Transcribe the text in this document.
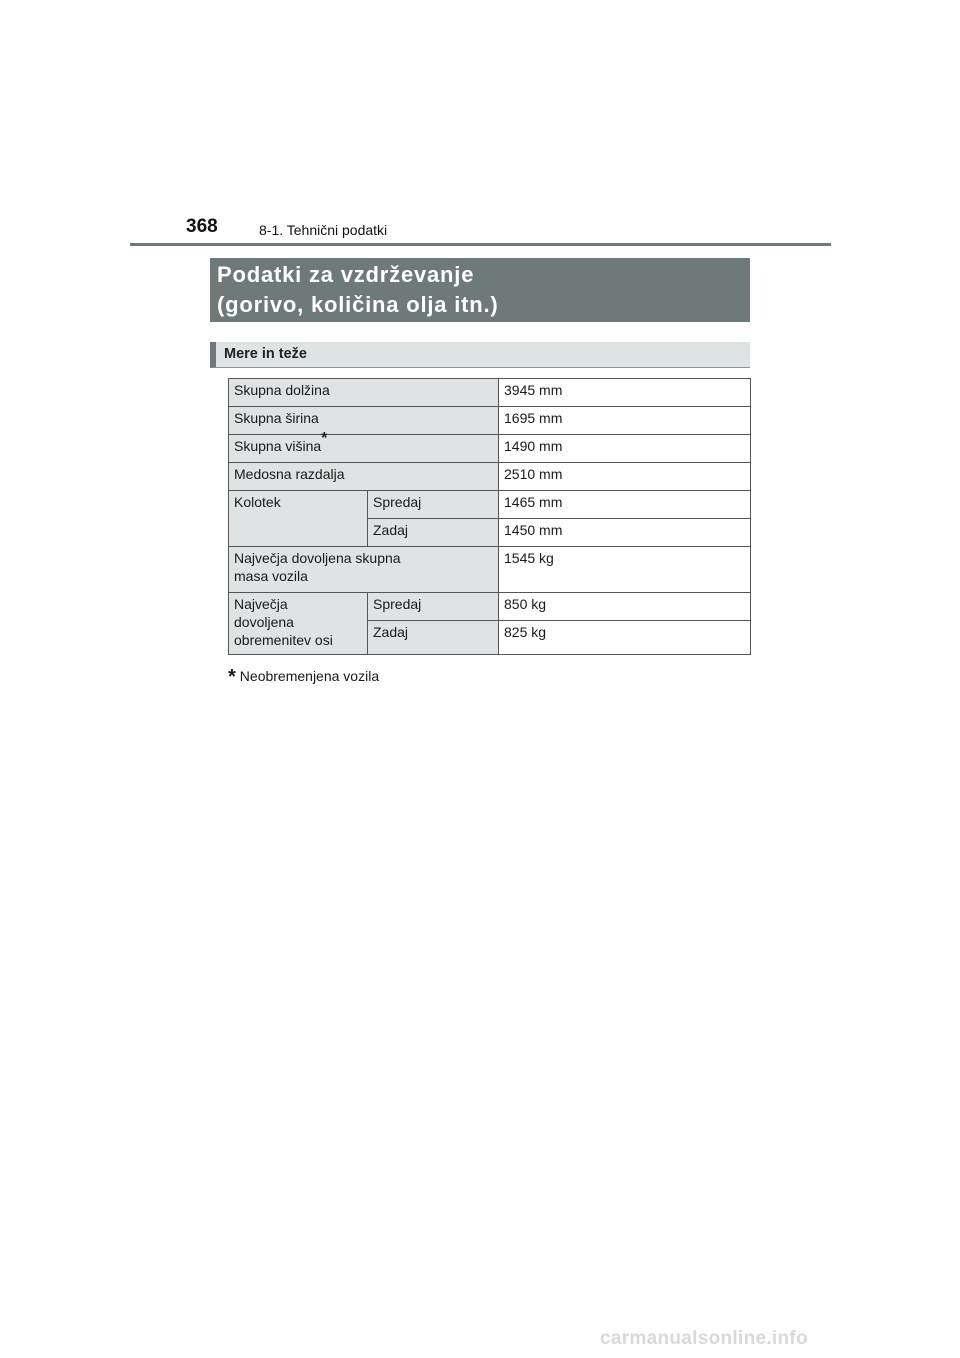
368	8-1. Tehnični podatki
Podatki za vzdrževanje
(gorivo, količina olja itn.)
Mere in teže
Skupna dolžina		3945 mm
Skupna širina		1695 mm
Skupna višina*		1490 mm
Medosna razdalja		2510 mm
Kolotek	Spredaj	1465 mm
	Zadaj	1450 mm

Največja dovoljena skupna
masa vozila		1545 kg

Največja
dovoljena
obremenitev osi	Spredaj	850 kg
	Zadaj	825 kg
* Neobremenjena vozila
carmanualsonline.info
